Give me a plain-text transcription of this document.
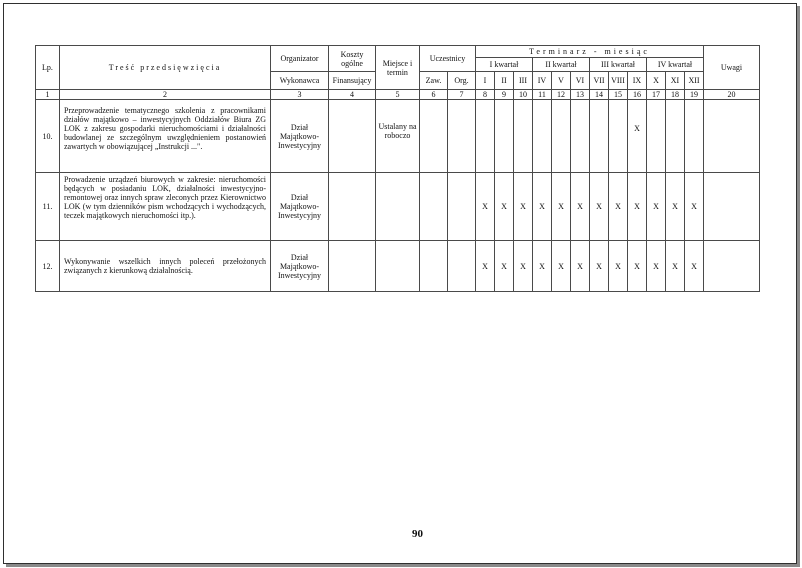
Lp.	Treść przedsięwzięcia	Organizator	Koszty ogólne	Miejsce i termin	Uczestnicy		Terminarz - miesiąc												Uwagi
							I kwartał			II kwartał			III kwartał			IV kwartał			
		Wykonawca	Finansujący		Zaw.	Org.	I	II	III	IV	V	VI	VII	VIII	IX	X	XI	XII	
1	2	3	4	5	6	7	8	9	10	11	12	13	14	15	16	17	18	19	20
10.	Przeprowadzenie tematycznego szkolenia z pracownikami działów majątkowo – inwestycyjnych Oddziałów Biura ZG LOK z zakresu gospodarki nieruchomościami i działalności budowlanej ze szczególnym uwzględnieniem postanowień zawartych w obowiązującej „Instrukcji ...".	Dział Majątkowo-Inwestycyjny		Ustalany na roboczo											X				
11.	Prowadzenie urządzeń biurowych w zakresie: nieruchomości będących w posiadaniu LOK, działalności inwestycyjno-remontowej oraz innych spraw zleconych przez Kierownictwo LOK (w tym dzienników pism wchodzących i wychodzących, teczek majątkowych nieruchomości itp.).	Dział Majątkowo-Inwestycyjny					X	X	X	X	X	X	X	X	X	X	X	X	
12.	Wykonywanie wszelkich innych poleceń przełożonych związanych z kierunkową działalnością.	Dział Majątkowo-Inwestycyjny					X	X	X	X	X	X	X	X	X	X	X	X	
90
